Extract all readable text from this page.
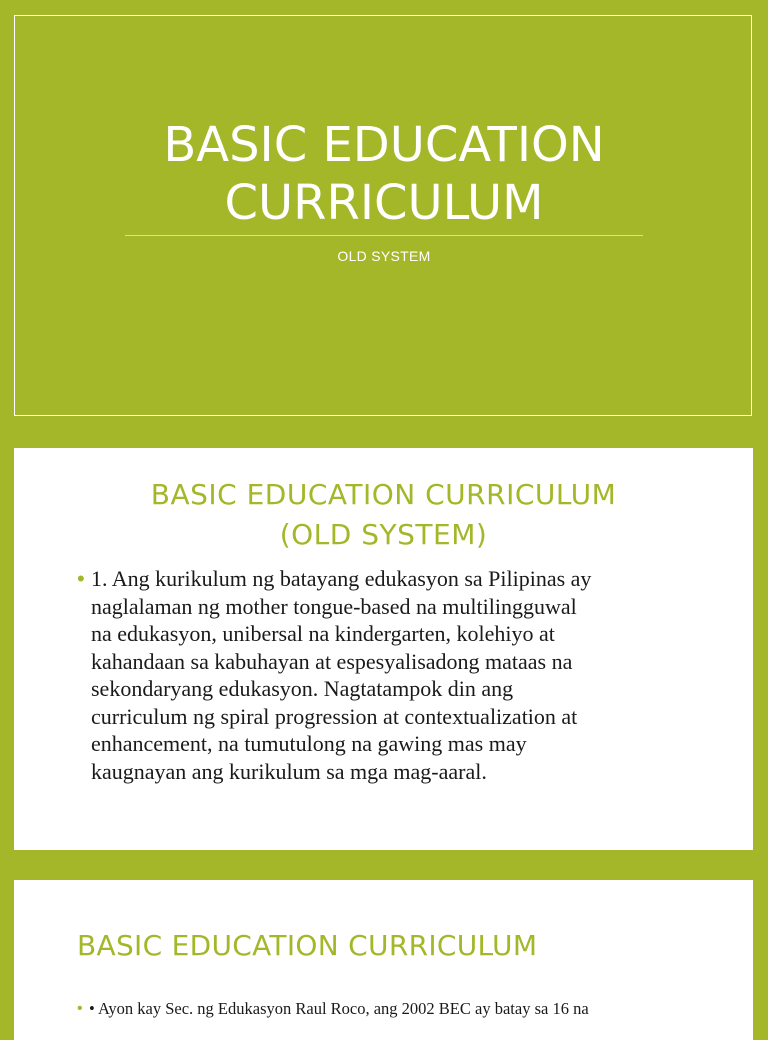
BASIC EDUCATION
CURRICULUM
OLD SYSTEM
BASIC EDUCATION CURRICULUM
(OLD SYSTEM)
• 1. Ang kurikulum ng batayang edukasyon sa Pilipinas ay
naglalaman ng mother tongue-based na multilingguwal
na edukasyon, unibersal na kindergarten, kolehiyo at
kahandaan sa kabuhayan at espesyalisadong mataas na
sekondaryang edukasyon. Nagtatampok din ang
curriculum ng spiral progression at contextualization at
enhancement, na tumutulong na gawing mas may
kaugnayan ang kurikulum sa mga mag-aaral.
BASIC EDUCATION CURRICULUM
• • Ayon kay Sec. ng Edukasyon Raul Roco, ang 2002 BEC ay batay sa 16 na
